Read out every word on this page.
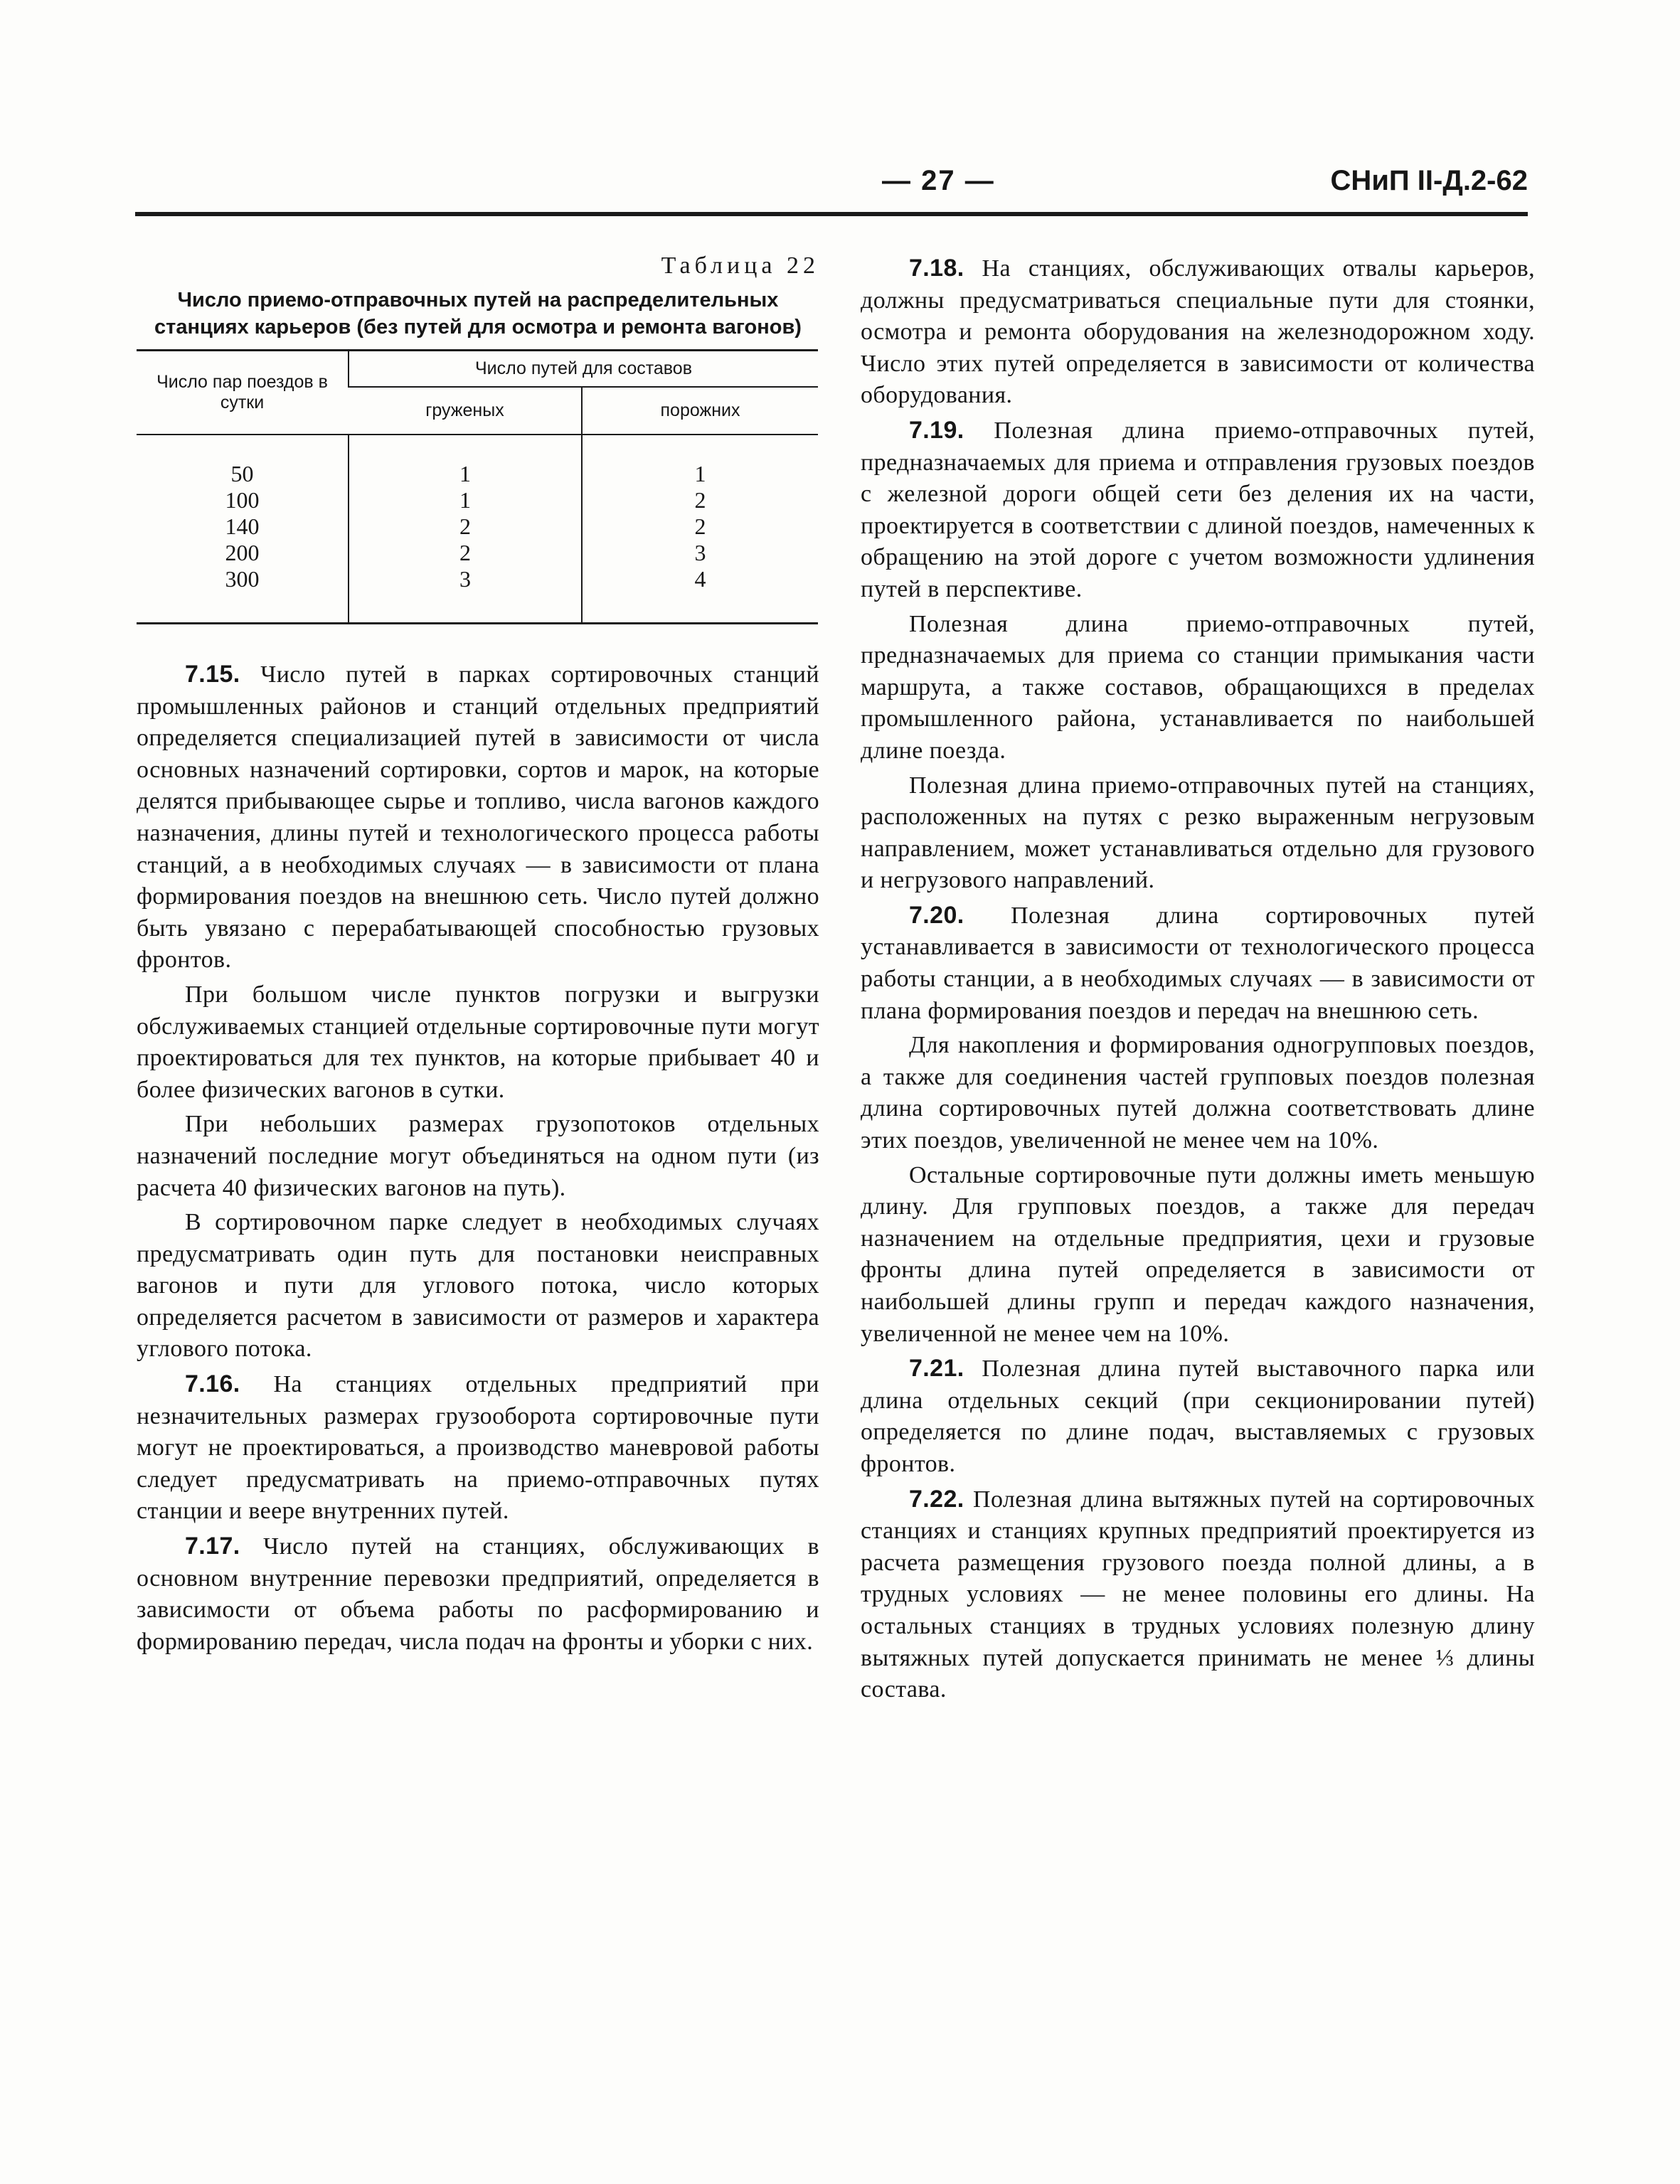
— 27 —	СНиП II-Д.2-62

Таблица 22

Число приемо-отправочных путей на распределительных станциях карьеров (без путей для осмотра и ремонта вагонов)

Число пар поездов в сутки	Число путей для составов	
	груженых	порожних

50	1	1
100	1	2
140	2	2
200	2	3
300	3	4

7.15. Число путей в парках сортировочных станций промышленных районов и станций отдельных предприятий определяется специализацией путей в зависимости от числа основных назначений сортировки, сортов и марок, на которые делятся прибывающее сырье и топливо, числа вагонов каждого назначения, длины путей и технологического процесса работы станций, а в необходимых случаях — в зависимости от плана формирования поездов на внешнюю сеть. Число путей должно быть увязано с перерабатывающей способностью грузовых фронтов.

При большом числе пунктов погрузки и выгрузки обслуживаемых станцией отдельные сортировочные пути могут проектироваться для тех пунктов, на которые прибывает 40 и более физических вагонов в сутки.

При небольших размерах грузопотоков отдельных назначений последние могут объединяться на одном пути (из расчета 40 физических вагонов на путь).

В сортировочном парке следует в необходимых случаях предусматривать один путь для постановки неисправных вагонов и пути для углового потока, число которых определяется расчетом в зависимости от размеров и характера углового потока.

7.16. На станциях отдельных предприятий при незначительных размерах грузооборота сортировочные пути могут не проектироваться, а производство маневровой работы следует предусматривать на приемо-отправочных путях станции и веере внутренних путей.

7.17. Число путей на станциях, обслуживающих в основном внутренние перевозки предприятий, определяется в зависимости от объема работы по расформированию и формированию передач, числа подач на фронты и уборки с них.

7.18. На станциях, обслуживающих отвалы карьеров, должны предусматриваться специальные пути для стоянки, осмотра и ремонта оборудования на железнодорожном ходу. Число этих путей определяется в зависимости от количества оборудования.

7.19. Полезная длина приемо-отправочных путей, предназначаемых для приема и отправления грузовых поездов с железной дороги общей сети без деления их на части, проектируется в соответствии с длиной поездов, намеченных к обращению на этой дороге с учетом возможности удлинения путей в перспективе.

Полезная длина приемо-отправочных путей, предназначаемых для приема со станции примыкания части маршрута, а также составов, обращающихся в пределах промышленного района, устанавливается по наибольшей длине поезда.

Полезная длина приемо-отправочных путей на станциях, расположенных на путях с резко выраженным негрузовым направлением, может устанавливаться отдельно для грузового и негрузового направлений.

7.20. Полезная длина сортировочных путей устанавливается в зависимости от технологического процесса работы станции, а в необходимых случаях — в зависимости от плана формирования поездов и передач на внешнюю сеть.

Для накопления и формирования одногрупповых поездов, а также для соединения частей групповых поездов полезная длина сортировочных путей должна соответствовать длине этих поездов, увеличенной не менее чем на 10%.

Остальные сортировочные пути должны иметь меньшую длину. Для групповых поездов, а также для передач назначением на отдельные предприятия, цехи и грузовые фронты длина путей определяется в зависимости от наибольшей длины групп и передач каждого назначения, увеличенной не менее чем на 10%.

7.21. Полезная длина путей выставочного парка или длина отдельных секций (при секционировании путей) определяется по длине подач, выставляемых с грузовых фронтов.

7.22. Полезная длина вытяжных путей на сортировочных станциях и станциях крупных предприятий проектируется из расчета размещения грузового поезда полной длины, а в трудных условиях — не менее половины его длины. На остальных станциях в трудных условиях полезную длину вытяжных путей допускается принимать не менее ⅓ длины состава.
